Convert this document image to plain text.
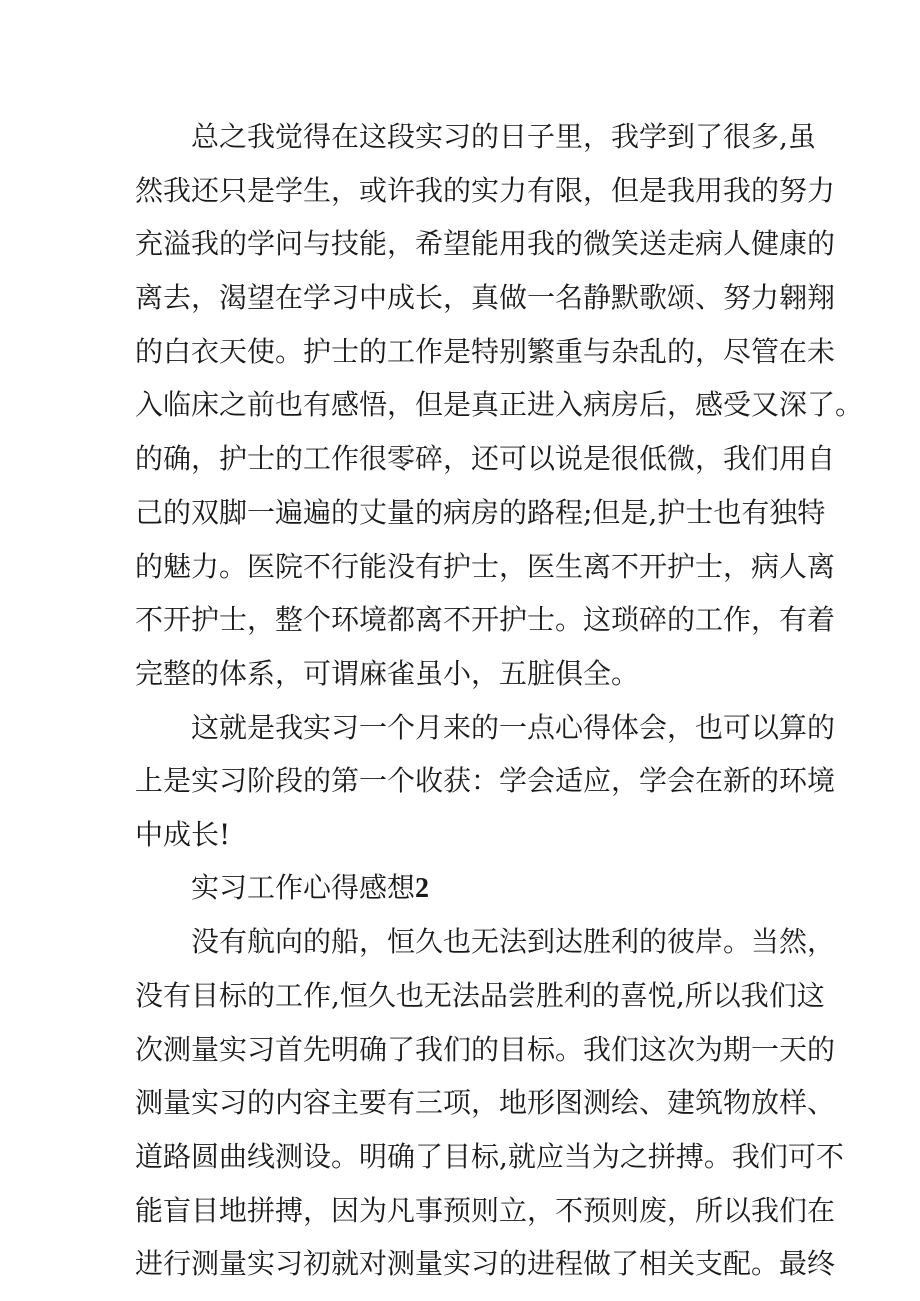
总之我觉得在这段实习的日子里，我学到了很多,虽
然我还只是学生，或许我的实力有限，但是我用我的努力
充溢我的学问与技能，希望能用我的微笑送走病人健康的
离去，渴望在学习中成长，真做一名静默歌颂、努力翱翔
的白衣天使。护士的工作是特别繁重与杂乱的，尽管在未
入临床之前也有感悟，但是真正进入病房后，感受又深了。
的确，护士的工作很零碎，还可以说是很低微，我们用自
己的双脚一遍遍的丈量的病房的路程;但是,护士也有独特
的魅力。医院不行能没有护士，医生离不开护士，病人离
不开护士，整个环境都离不开护士。这琐碎的工作，有着
完整的体系，可谓麻雀虽小，五脏俱全。
这就是我实习一个月来的一点心得体会，也可以算的
上是实习阶段的第一个收获：学会适应，学会在新的环境
中成长!
实习工作心得感想2
没有航向的船，恒久也无法到达胜利的彼岸。当然，
没有目标的工作,恒久也无法品尝胜利的喜悦,所以我们这
次测量实习首先明确了我们的目标。我们这次为期一天的
测量实习的内容主要有三项，地形图测绘、建筑物放样、
道路圆曲线测设。明确了目标,就应当为之拼搏。我们可不
能盲目地拼搏，因为凡事预则立，不预则废，所以我们在
进行测量实习初就对测量实习的进程做了相关支配。最终
